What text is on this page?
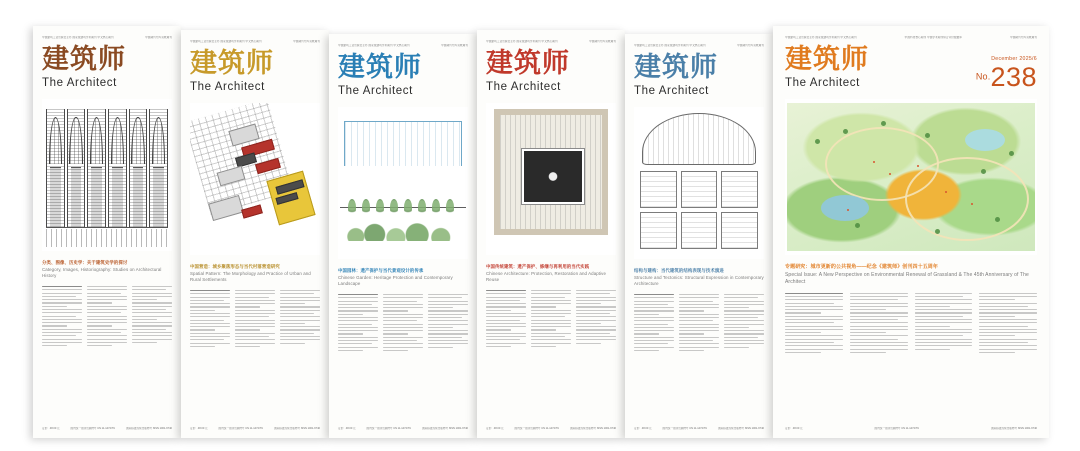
中国建筑工业出版社主办 国家级建筑学术期刊 中文核心期刊	中国期刊方阵双效期刊
建筑师
The Architect
分类、图像、历史学：关于建筑史学的探讨
Category, Images, Historiography: Studies on Architectural History
定价：48.00 元	国内统一连续出版物号 CN 11-1474/TU	国际标准连续出版物号 ISSN 1001-6740
中国建筑工业出版社主办 国家级建筑学术期刊 中文核心期刊	中国期刊方阵双效期刊
建筑师
The Architect
中国营造：城乡聚落形态与当代村落营造研究
Spatial Pattern: The Morphology and Practice of Urban and Rural Settlements
定价：48.00 元	国内统一连续出版物号 CN 11-1474/TU	国际标准连续出版物号 ISSN 1001-6740
中国建筑工业出版社主办 国家级建筑学术期刊 中文核心期刊	中国期刊方阵双效期刊
建筑师
The Architect
中国园林：遗产保护与当代景观设计的传承
Chinese Garden: Heritage Protection and Contemporary Landscape
定价：48.00 元	国内统一连续出版物号 CN 11-1474/TU	国际标准连续出版物号 ISSN 1001-6740
中国建筑工业出版社主办 国家级建筑学术期刊 中文核心期刊	中国期刊方阵双效期刊
建筑师
The Architect
中国传统建筑：遗产保护、修缮与再利用的当代实践
Chinese Architecture: Protection, Restoration and Adaptive Reuse
定价：48.00 元	国内统一连续出版物号 CN 11-1474/TU	国际标准连续出版物号 ISSN 1001-6740
中国建筑工业出版社主办 国家级建筑学术期刊 中文核心期刊	中国期刊方阵双效期刊
建筑师
The Architect
结构与建构：当代建筑的结构表现与技术演进
Structure and Tectonics: Structural Expression in Contemporary Architecture
定价：48.00 元	国内统一连续出版物号 CN 11-1474/TU	国际标准连续出版物号 ISSN 1001-6740
中国建筑工业出版社主办 国家级建筑学术期刊 中文核心期刊	中国科技核心期刊 中国学术期刊综合评价数据库	中国期刊方阵双效期刊
建筑师
The Architect
December 2025/6
$^{No.}$238
专题研究：城市更新的公共视角——纪念《建筑师》创刊四十五周年
Special Issue: A New Perspective on Environmental Renewal of Grassland & The 45th Anniversary of The Architect
定价：48.00 元	国内统一连续出版物号 CN 11-1474/TU	国际标准连续出版物号 ISSN 1001-6740
